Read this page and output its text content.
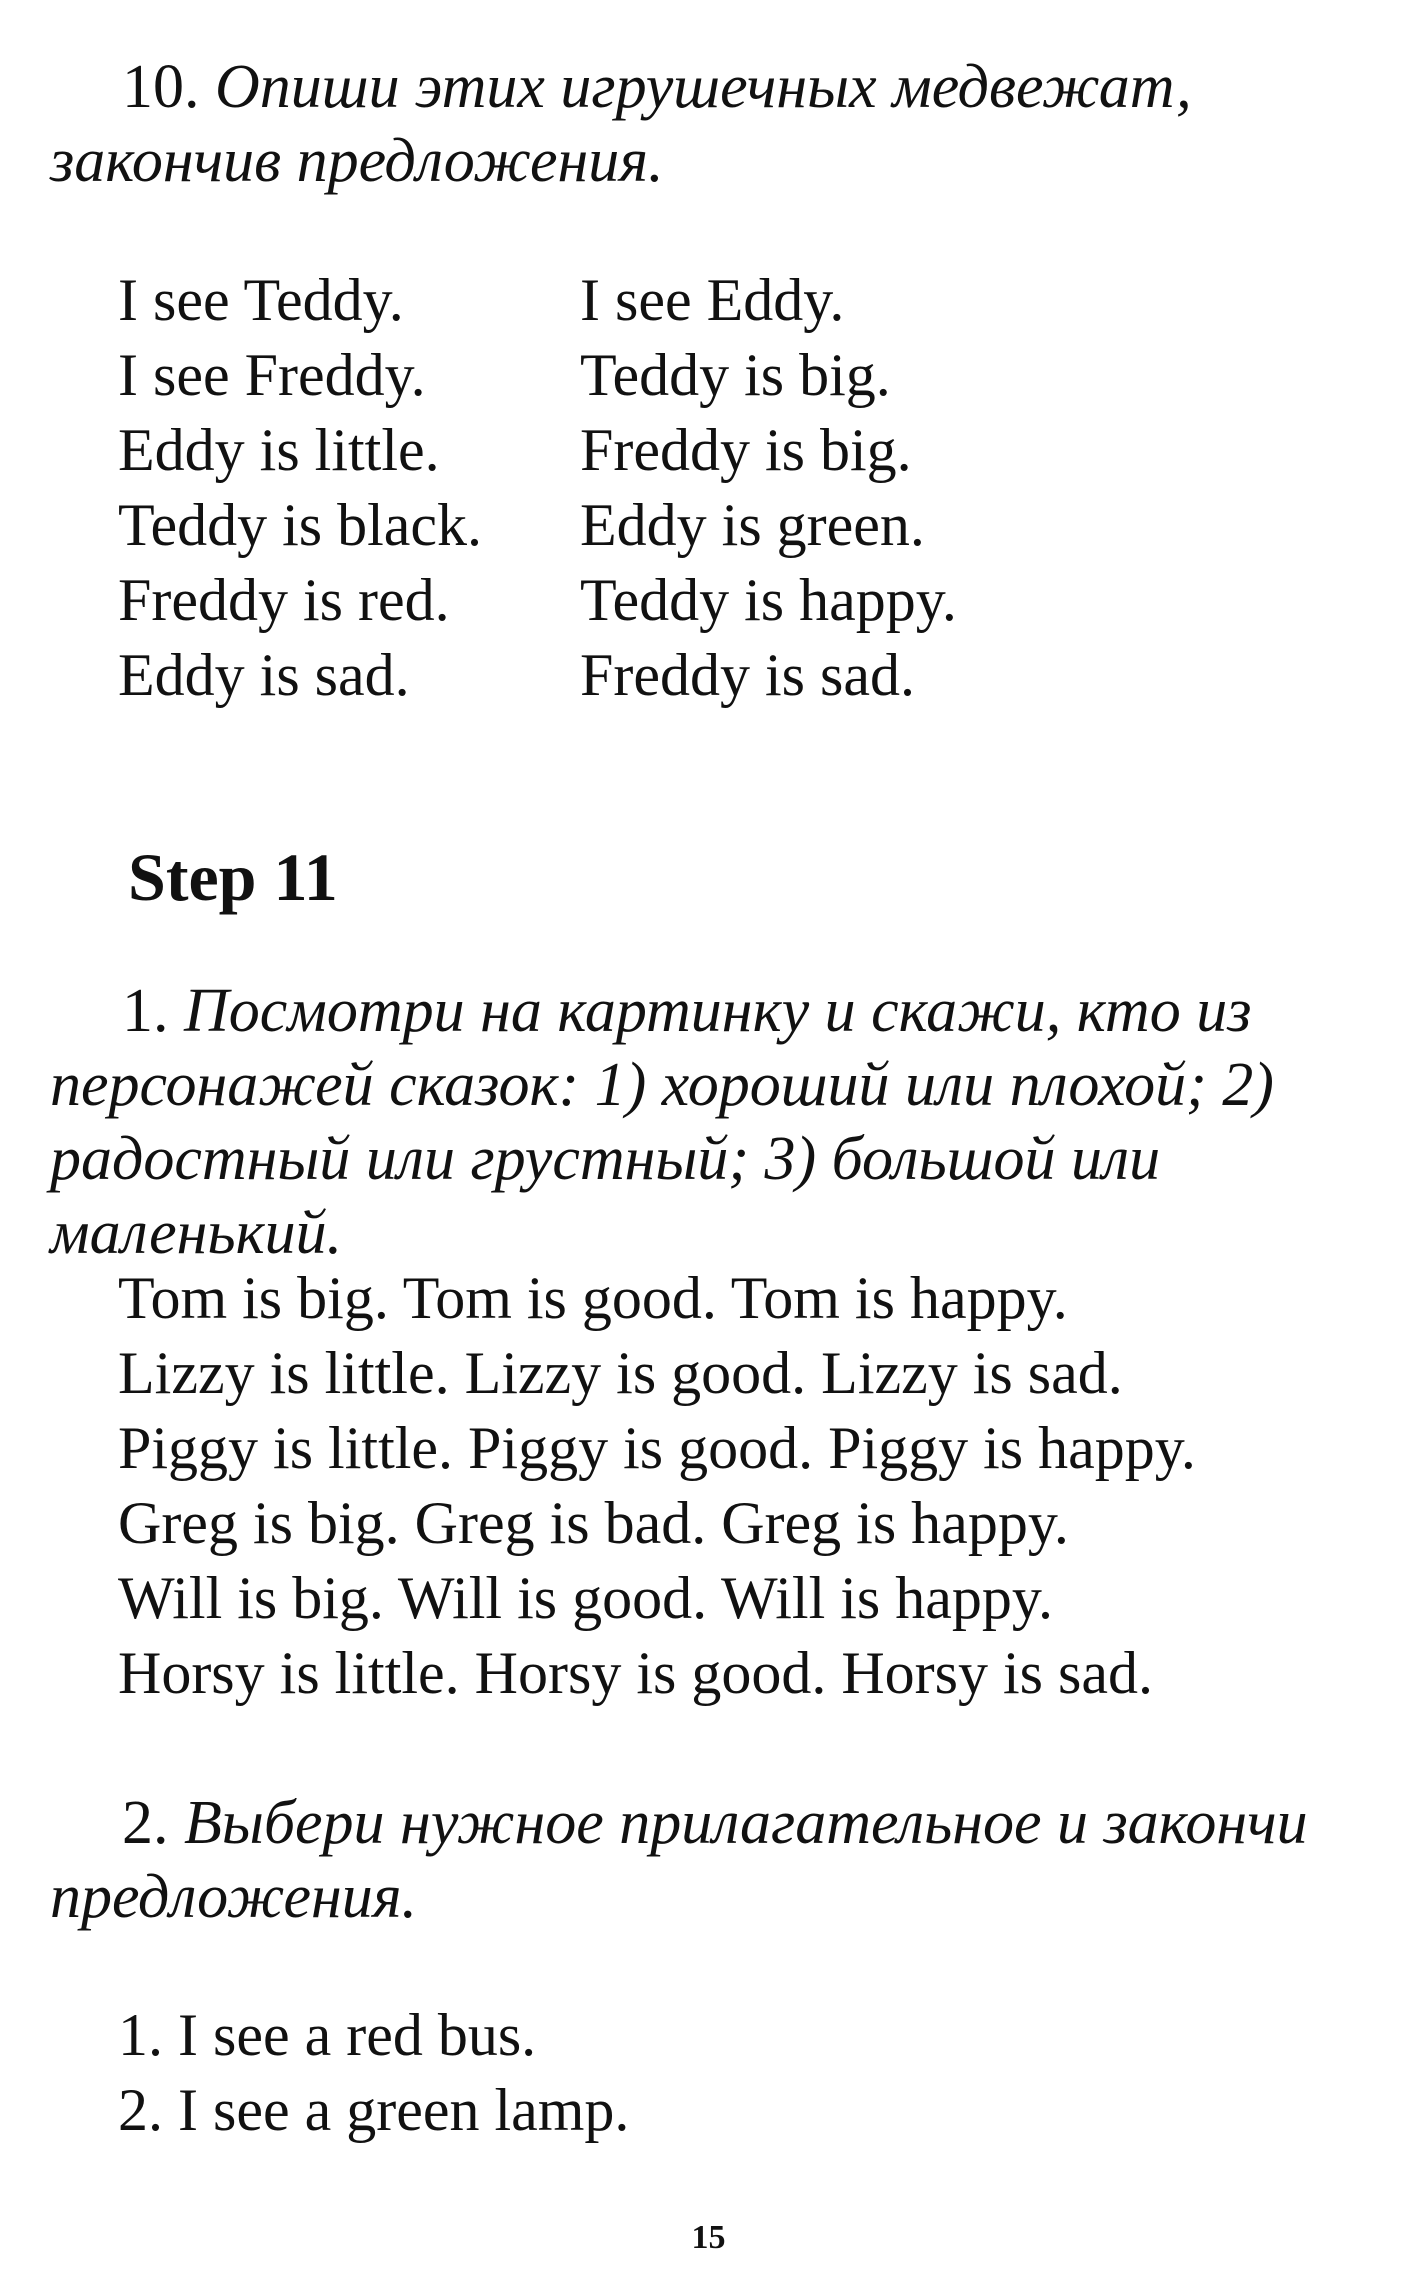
10. Опиши этих игрушечных медвежат, закончив предложения.
I see Teddy.
I see Freddy.
Eddy is little.
Teddy is black.
Freddy is red.
Eddy is sad.
I see Eddy.
Teddy is big.
Freddy is big.
Eddy is green.
Teddy is happy.
Freddy is sad.
Step 11
1. Посмотри на картинку и скажи, кто из персонажей сказок: 1) хороший или плохой; 2) радостный или грустный; 3) большой или маленький.
Tom is big. Tom is good. Tom is happy.
Lizzy is little. Lizzy is good. Lizzy is sad.
Piggy is little. Piggy is good. Piggy is happy.
Greg is big. Greg is bad. Greg is happy.
Will is big. Will is good. Will is happy.
Horsy is little. Horsy is good. Horsy is sad.
2. Выбери нужное прилагательное и закончи предложения.
1. I see a red bus.
2. I see a green lamp.
15
